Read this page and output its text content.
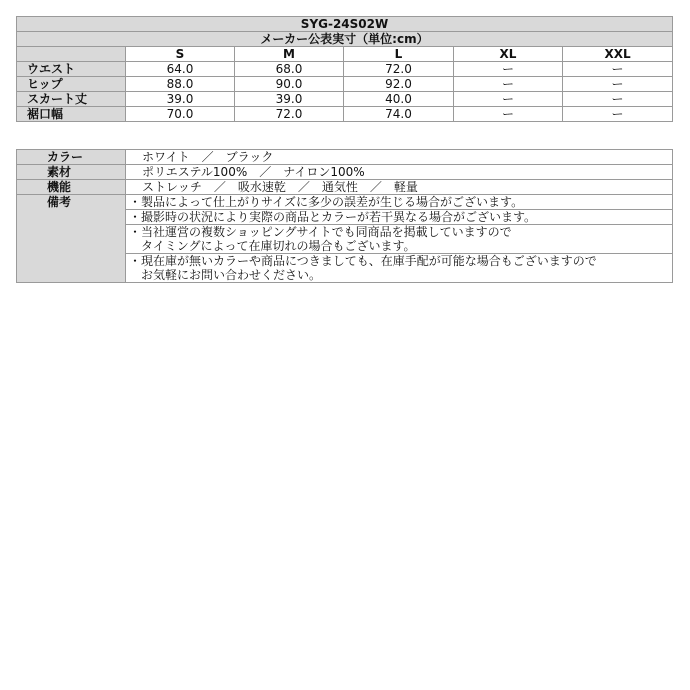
SYG-24S02W					
メーカー公表実寸（単位:cm）					
	S	M	L	XL	XXL
ウエスト	64.0	68.0	72.0	ー	ー
ヒップ	88.0	90.0	92.0	ー	ー
スカート丈	39.0	39.0	40.0	ー	ー
裾口幅	70.0	72.0	74.0	ー	ー
カラー	ホワイト　／　ブラック
素材	ポリエステル100%　／　ナイロン100%
機能	ストレッチ　／　吸水速乾　／　通気性　／　軽量
備考	・製品によって仕上がりサイズに多少の誤差が生じる場合がございます。

	・撮影時の状況により実際の商品とカラーが若干異なる場合がございます。

	・当社運営の複数ショッピングサイトでも同商品を掲載していますので
タイミングによって在庫切れの場合もございます。

	・現在庫が無いカラーや商品につきましても、在庫手配が可能な場合もございますので
お気軽にお問い合わせください。
